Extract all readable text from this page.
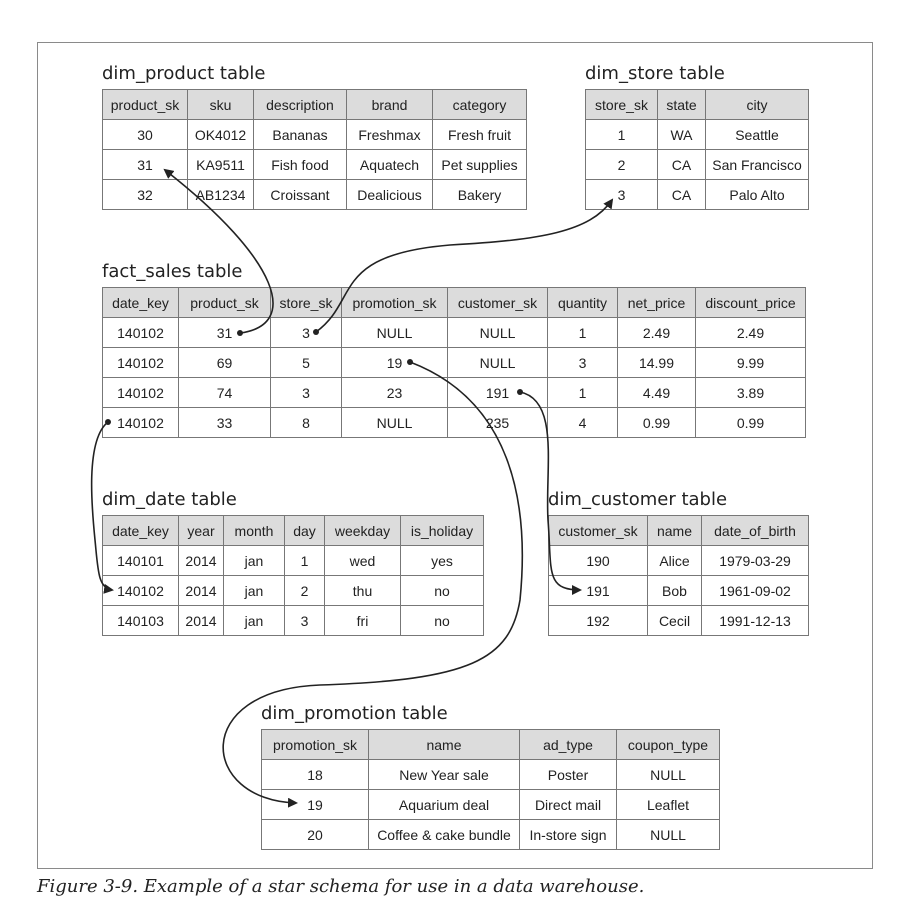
dim_product table
product_sk	sku	description	brand	category
30	OK4012	Bananas	Freshmax	Fresh fruit
31	KA9511	Fish food	Aquatech	Pet supplies
32	AB1234	Croissant	Dealicious	Bakery
dim_store table
store_sk	state	city
1	WA	Seattle
2	CA	San Francisco
3	CA	Palo Alto
fact_sales table
date_key	product_sk	store_sk	promotion_sk	customer_sk	quantity	net_price	discount_price
140102	31	3	NULL	NULL	1	2.49	2.49
140102	69	5	19	NULL	3	14.99	9.99
140102	74	3	23	191	1	4.49	3.89
140102	33	8	NULL	235	4	0.99	0.99
dim_date table
date_key	year	month	day	weekday	is_holiday
140101	2014	jan	1	wed	yes
140102	2014	jan	2	thu	no
140103	2014	jan	3	fri	no
dim_customer table
customer_sk	name	date_of_birth
190	Alice	1979-03-29
191	Bob	1961-09-02
192	Cecil	1991-12-13
dim_promotion table
promotion_sk	name	ad_type	coupon_type
18	New Year sale	Poster	NULL
19	Aquarium deal	Direct mail	Leaflet
20	Coffee & cake bundle	In-store sign	NULL
Figure 3-9. Example of a star schema for use in a data warehouse.
